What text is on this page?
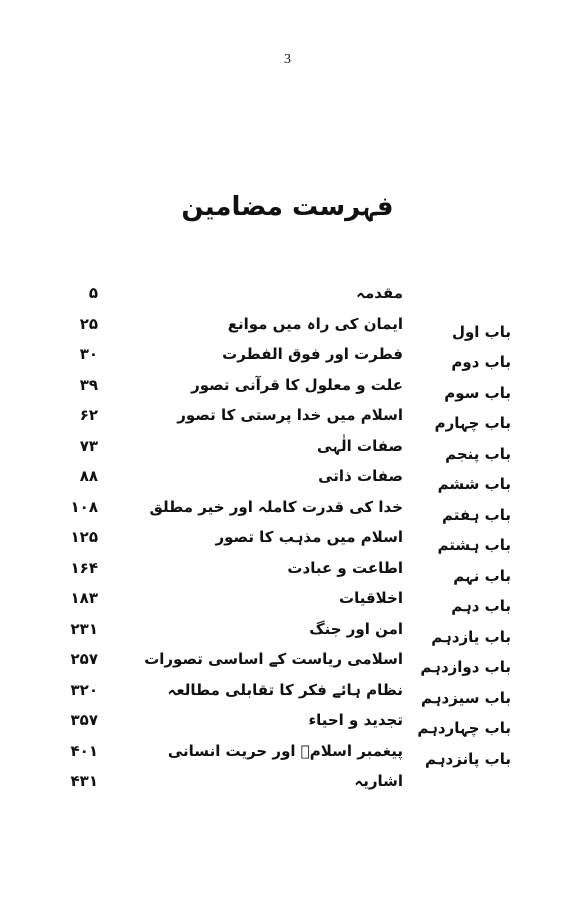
3
فہرست مضامین
مقدمہ
۵
باب اول
ایمان کی راہ میں موانع
۲۵
باب دوم
فطرت اور فوق الفطرت
۳۰
باب سوم
علت و معلول کا قرآنی تصور
۳۹
باب چہارم
اسلام میں خدا پرستی کا تصور
۶۲
باب پنجم
صفات الٰہی
۷۳
باب ششم
صفات ذاتی
۸۸
باب ہفتم
خدا کی قدرت کاملہ اور خیر مطلق
۱۰۸
باب ہشتم
اسلام میں مذہب کا تصور
۱۲۵
باب نہم
اطاعت و عبادت
۱۶۴
باب دہم
اخلاقیات
۱۸۳
باب یازدہم
امن اور جنگ
۲۳۱
باب دوازدہم
اسلامی ریاست کے اساسی تصورات
۲۵۷
باب سیزدہم
نظام ہائے فکر کا تقابلی مطالعہ
۳۲۰
باب چہاردہم
تجدید و احیاء
۳۵۷
باب پانزدہم
پیغمبر اسلامؐ اور حریت انسانی
۴۰۱
اشاریہ
۴۳۱
